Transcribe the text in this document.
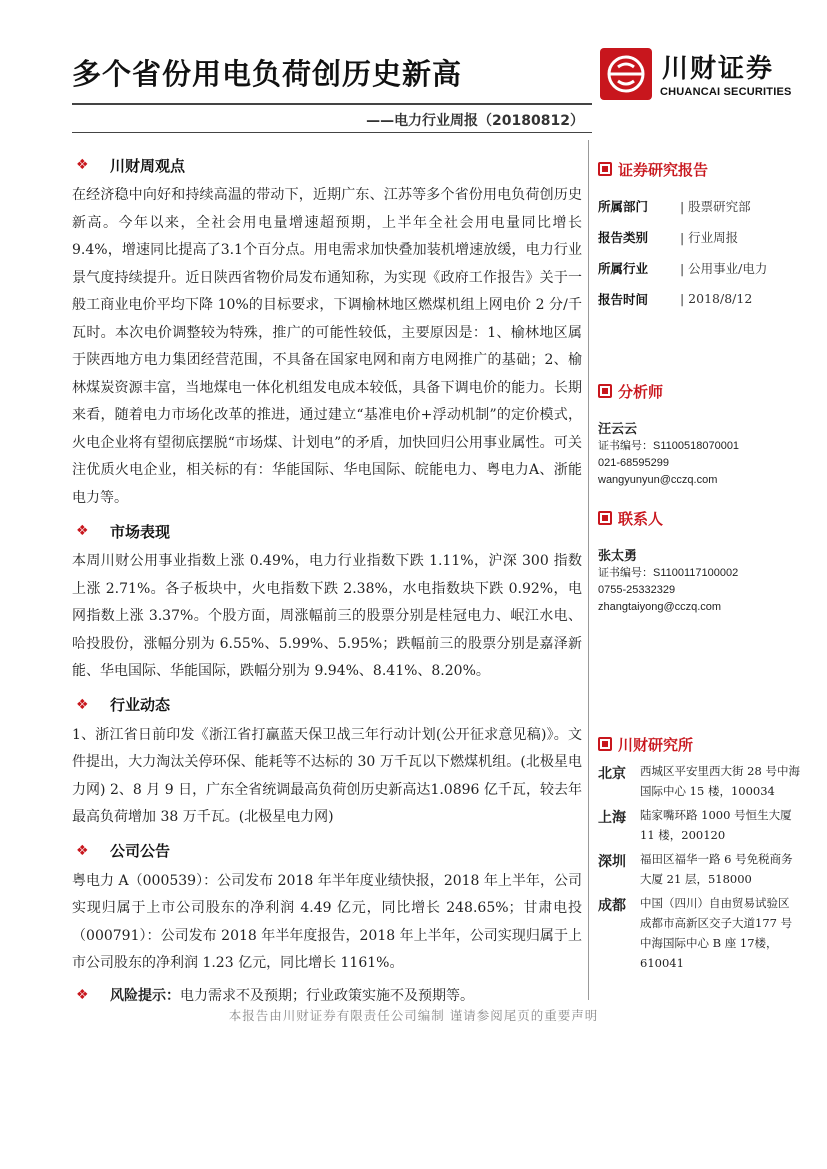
多个省份用电负荷创历史新高
——电力行业周报（20180812）
川财证券
CHUANCAI SECURITIES
❖	川财周观点

在经济稳中向好和持续高温的带动下，近期广东、江苏等多个省份用电负荷创历史新高。今年以来，全社会用电量增速超预期，上半年全社会用电量同比增长9.4%，增速同比提高了3.1个百分点。用电需求加快叠加装机增速放缓，电力行业景气度持续提升。近日陕西省物价局发布通知称，为实现《政府工作报告》关于一般工商业电价平均下降 10%的目标要求，下调榆林地区燃煤机组上网电价 2 分/千瓦时。本次电价调整较为特殊，推广的可能性较低，主要原因是：1、榆林地区属于陕西地方电力集团经营范围，不具备在国家电网和南方电网推广的基础；2、榆林煤炭资源丰富，当地煤电一体化机组发电成本较低，具备下调电价的能力。长期来看，随着电力市场化改革的推进，通过建立“基准电价+浮动机制”的定价模式，火电企业将有望彻底摆脱“市场煤、计划电”的矛盾，加快回归公用事业属性。可关注优质火电企业，相关标的有：华能国际、华电国际、皖能电力、粤电力A、浙能电力等。

❖	市场表现

本周川财公用事业指数上涨 0.49%，电力行业指数下跌 1.11%，沪深 300 指数上涨 2.71%。各子板块中，火电指数下跌 2.38%，水电指数块下跌 0.92%，电网指数上涨 3.37%。个股方面，周涨幅前三的股票分别是桂冠电力、岷江水电、哈投股份，涨幅分别为 6.55%、5.99%、5.95%；跌幅前三的股票分别是嘉泽新能、华电国际、华能国际，跌幅分别为 9.94%、8.41%、8.20%。

❖	行业动态

1、浙江省日前印发《浙江省打赢蓝天保卫战三年行动计划(公开征求意见稿)》。文件提出，大力淘汰关停环保、能耗等不达标的 30 万千瓦以下燃煤机组。(北极星电力网) 2、8 月 9 日，广东全省统调最高负荷创历史新高达1.0896 亿千瓦，较去年最高负荷增加 38 万千瓦。(北极星电力网)

❖	公司公告

粤电力 A（000539）：公司发布 2018 年半年度业绩快报，2018 年上半年，公司实现归属于上市公司股东的净利润 4.49 亿元，同比增长 248.65%；甘肃电投（000791）：公司发布 2018 年半年度报告，2018 年上半年，公司实现归属于上市公司股东的净利润 1.23 亿元，同比增长 1161%。

❖	风险提示： 电力需求不及预期；行业政策实施不及预期等。
证券研究报告
所属部门	| 股票研究部
报告类别	| 行业周报
所属行业	| 公用事业/电力
报告时间	| 2018/8/12
分析师
汪云云
证书编号：S1100518070001
021-68595299
wangyunyun@cczq.com
联系人
张太勇
证书编号：S1100117100002
0755-25332329
zhangtaiyong@cczq.com
川财研究所
北京	西城区平安里西大街 28 号中海国际中心 15 楼，100034
上海	陆家嘴环路 1000 号恒生大厦 11 楼，200120
深圳	福田区福华一路 6 号免税商务大厦 21 层，518000
成都	中国（四川）自由贸易试验区成都市高新区交子大道177 号中海国际中心 B 座 17楼，610041
本报告由川财证券有限责任公司编制 谨请参阅尾页的重要声明
